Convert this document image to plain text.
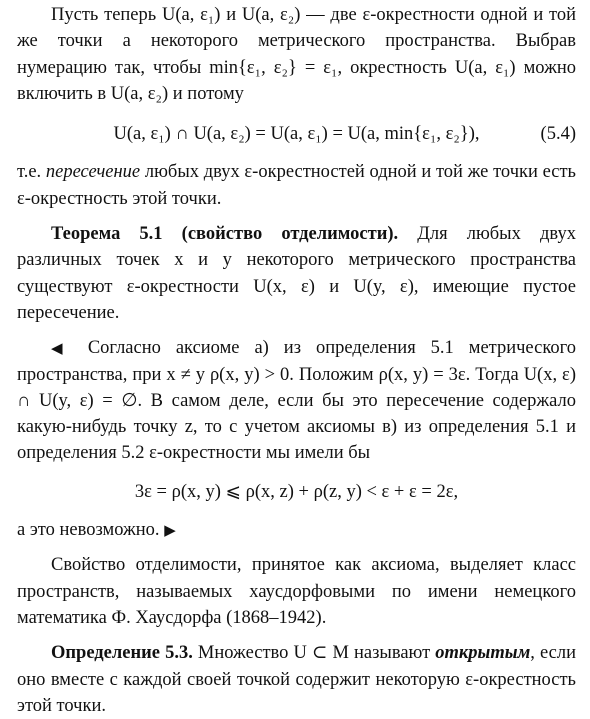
Пусть теперь U(a, ε₁) и U(a, ε₂) — две ε-окрестности одной и той же точки a некоторого метрического пространства. Выбрав нумерацию так, чтобы min{ε₁, ε₂} = ε₁, окрестность U(a, ε₁) можно включить в U(a, ε₂) и потому

U(a, ε₁) ∩ U(a, ε₂) = U(a, ε₁) = U(a, min{ε₁, ε₂}),	(5.4)

т.е. пересечение любых двух ε-окрестностей одной и той же точки есть ε-окрестность этой точки.

Теорема 5.1 (свойство отделимости). Для любых двух различных точек x и y некоторого метрического пространства существуют ε-окрестности U(x, ε) и U(y, ε), имеющие пустое пересечение.

◀ Согласно аксиоме а) из определения 5.1 метрического пространства, при x ≠ y ρ(x, y) > 0. Положим ρ(x, y) = 3ε. Тогда U(x, ε) ∩ U(y, ε) = ∅. В самом деле, если бы это пересечение содержало какую-нибудь точку z, то с учетом аксиомы в) из определения 5.1 и определения 5.2 ε-окрестности мы имели бы

3ε = ρ(x, y) ⩽ ρ(x, z) + ρ(z, y) < ε + ε = 2ε,

а это невозможно. ▶

Свойство отделимости, принятое как аксиома, выделяет класс пространств, называемых хаусдорфовыми по имени немецкого математика Ф. Хаусдорфа (1868–1942).

Определение 5.3. Множество U ⊂ M называют открытым, если оно вместе с каждой своей точкой содержит некоторую ε-окрестность этой точки.
